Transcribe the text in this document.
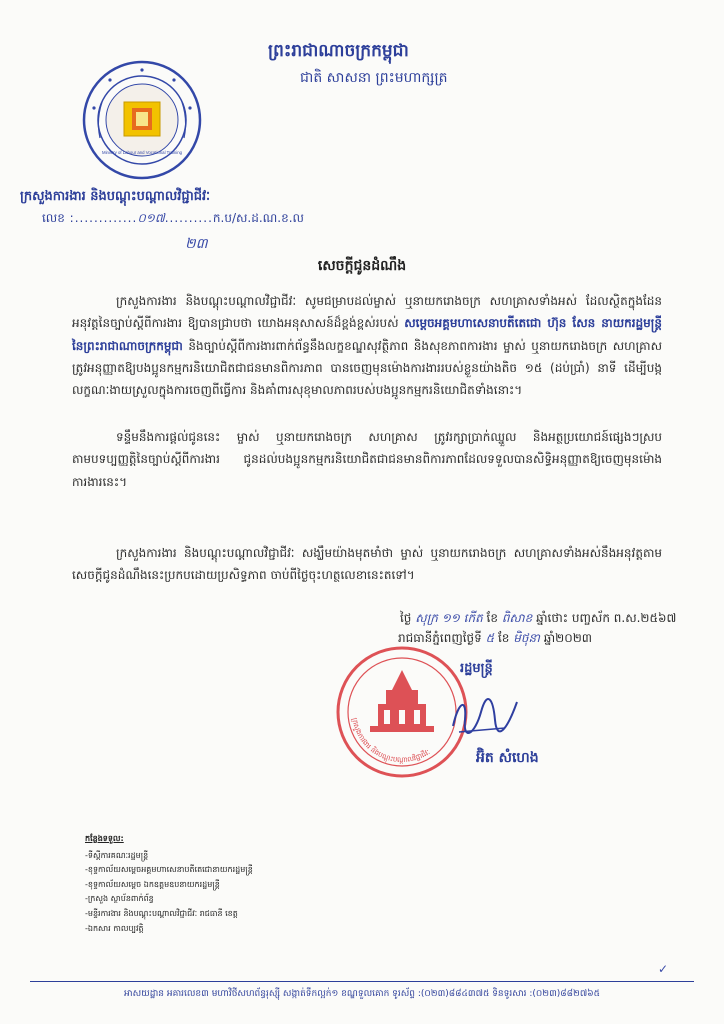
Ministry of Labour and Vocational Training
ព្រះរាជាណាចក្រកម្ពុជា
ជាតិ សាសនា ព្រះមហាក្សត្រ
ក្រសួងការងារ និងបណ្តុះបណ្តាលវិជ្ជាជីវៈ
លេខ :.............០១៧..........ក.ប/ស.ដ.ណ.ខ.ល
២៣
សេចក្តីជូនដំណឹង
ក្រសួងការងារ និងបណ្តុះបណ្តាលវិជ្ជាជីវៈ សូមជម្រាបដល់ម្ចាស់ ឬនាយករោងចក្រ សហគ្រាសទាំងអស់ ដែលស្ថិតក្នុងដែនអនុវត្តនៃច្បាប់ស្តីពីការងារ ឱ្យបានជ្រាបថា យោងអនុសាសន៍ដ៏ខ្ពង់ខ្ពស់របស់ សម្តេចអគ្គមហាសេនាបតីតេជោ ហ៊ុន សែន នាយករដ្ឋមន្ត្រី នៃព្រះរាជាណាចក្រកម្ពុជា និងច្បាប់ស្តីពីការងារពាក់ព័ន្ធនឹងលក្ខខណ្ឌសុវត្ថិភាព និងសុខភាពការងារ ម្ចាស់ ឬនាយករោងចក្រ សហគ្រាស ត្រូវអនុញ្ញាតឱ្យបងប្អូនកម្មករនិយោជិតជាជនមានពិការភាព បានចេញមុនម៉ោងការងាររបស់ខ្លួនយ៉ាងតិច ១៥ (ដប់ប្រាំ) នាទី ដើម្បីបង្កលក្ខណៈងាយស្រួលក្នុងការចេញពីធ្វើការ និងគាំពារសុខុមាលភាពរបស់បងប្អូនកម្មករនិយោជិតទាំងនោះ។
ទន្ទឹមនឹងការផ្តល់ជូននេះ ម្ចាស់ ឬនាយករោងចក្រ សហគ្រាស ត្រូវរក្សាប្រាក់ឈ្នួល និងអត្ថប្រយោជន៍ផ្សេងៗស្របតាមបទប្បញ្ញត្តិនៃច្បាប់ស្តីពីការងារ ជូនដល់បងប្អូនកម្មករនិយោជិតជាជនមានពិការភាពដែលទទួលបានសិទ្ធិអនុញ្ញាតឱ្យចេញមុនម៉ោងការងារនេះ។
ក្រសួងការងារ និងបណ្តុះបណ្តាលវិជ្ជាជីវៈ សង្ឃឹមយ៉ាងមុតមាំថា ម្ចាស់ ឬនាយករោងចក្រ សហគ្រាសទាំងអស់នឹងអនុវត្តតាមសេចក្តីជូនដំណឹងនេះប្រកបដោយប្រសិទ្ធភាព ចាប់ពីថ្ងៃចុះហត្ថលេខានេះតទៅ។
ថ្ងៃ សុក្រ ១១ កើត ខែ ពិសាខ ឆ្នាំថោះ បញ្ចស័ក ព.ស.២៥៦៧
រាជធានីភ្នំពេញថ្ងៃទី ៥ ខែ មិថុនា ឆ្នាំ២០២៣
ក្រសួងការងារ និងបណ្តុះបណ្តាលវិជ្ជាជីវៈ
រដ្ឋមន្ត្រី
អ៊ិត សំហេង
កន្លែងទទួល:
-ទីស្តីការគណៈរដ្ឋមន្ត្រី
-ខុទ្ទកាល័យសម្តេចអគ្គមហាសេនាបតីតេជោនាយករដ្ឋមន្ត្រី
-ខុទ្ទកាល័យសម្តេច ឯកឧត្តមឧបនាយករដ្ឋមន្ត្រី
-ក្រសួង ស្ថាប័នពាក់ព័ន្ធ
-មន្ទីរការងារ និងបណ្តុះបណ្តាលវិជ្ជាជីវៈ រាជធានី ខេត្ត
-ឯកសារ កាលប្បវត្តិ
✓
អាសយដ្ឋាន អគារលេខ៣ មហាវិថីសហព័ន្ធរុស្ស៊ី សង្កាត់ទឹកល្អក់១ ខណ្ឌទួលគោក ទូរស័ព្ទ :(០២៣)៨៨៤៣៧៥ ទិនទូរសារ :(០២៣)៨៨២៧៦៥
